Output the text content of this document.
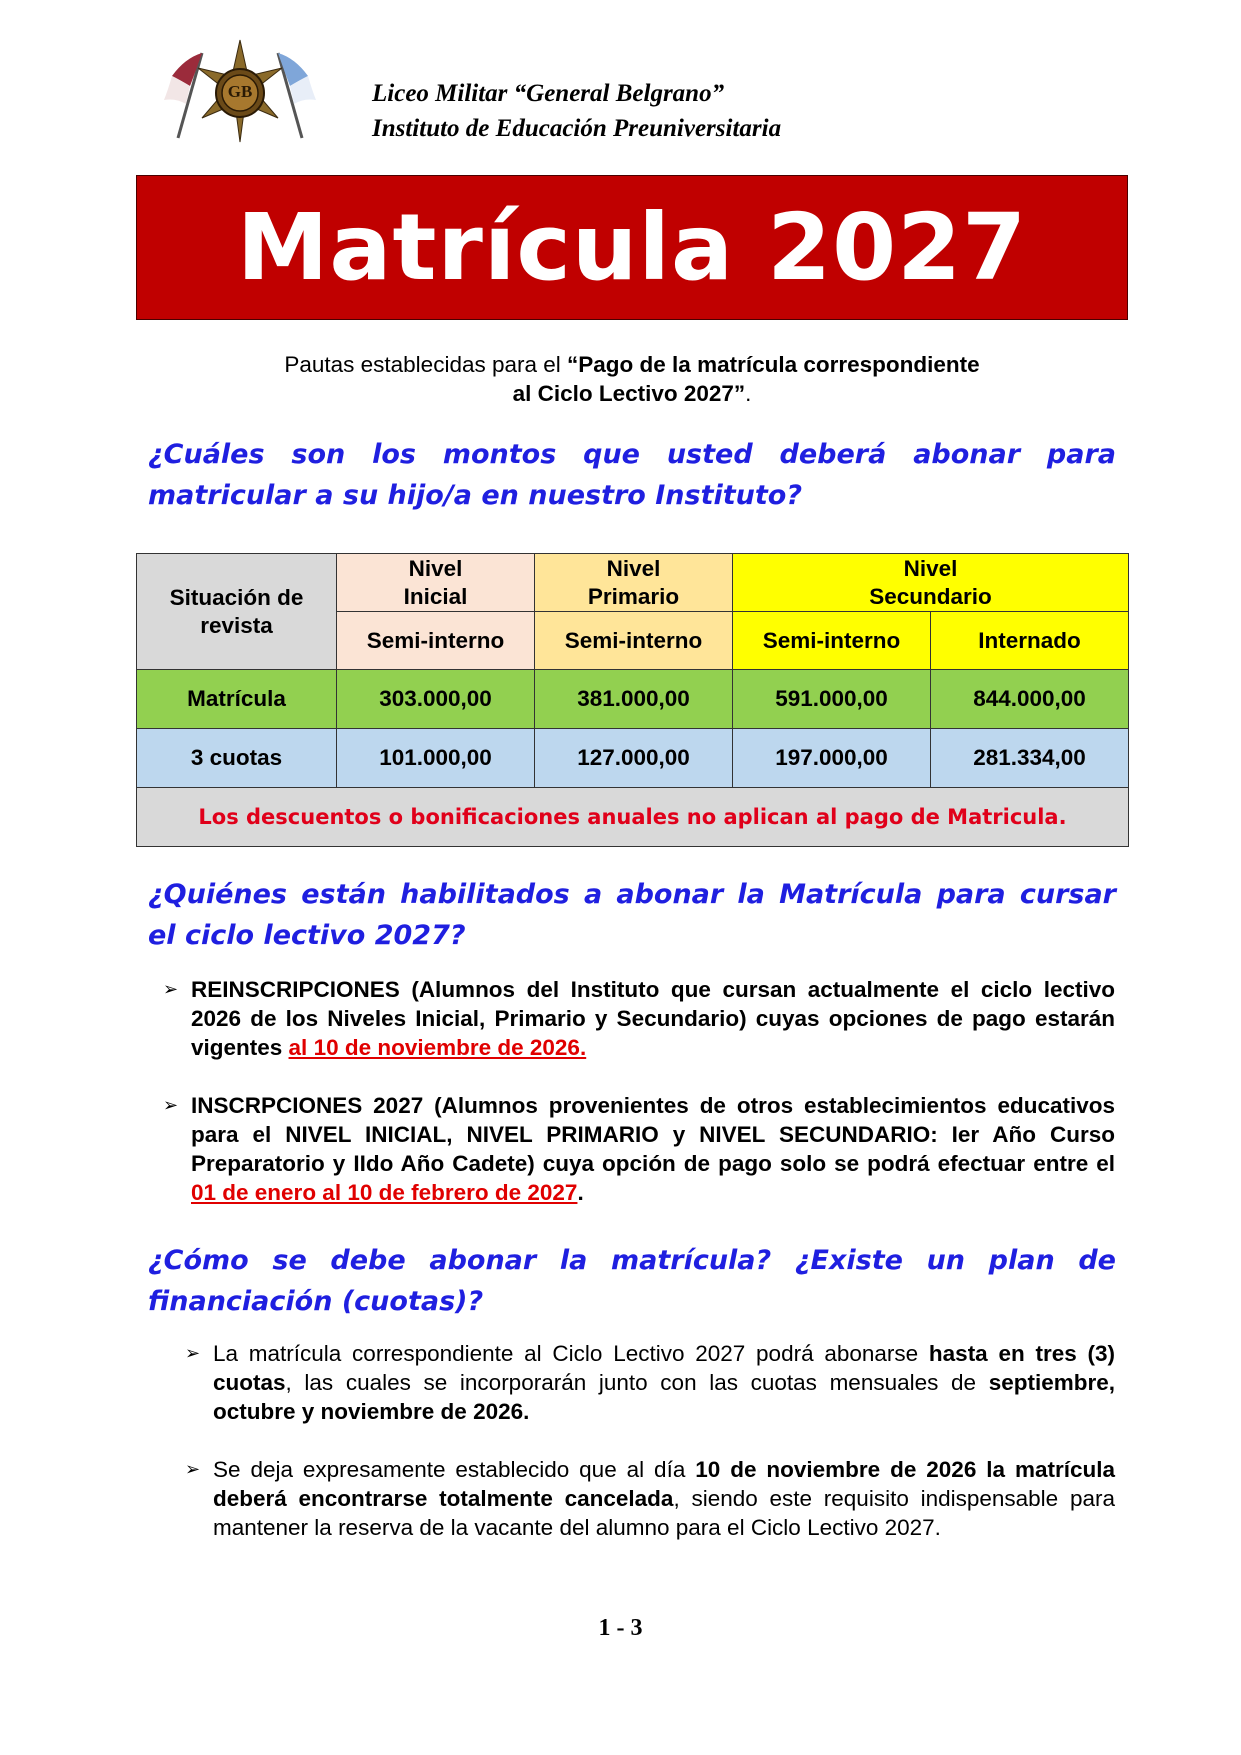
GB	Liceo Militar “General Belgrano”
Instituto de Educación Preuniversitaria
Matrícula 2027
Pautas establecidas para el “Pago de la matrícula correspondiente
al Ciclo Lectivo 2027”.
¿Cuáles son los montos que usted deberá abonar para
matricular a su hijo/a en nuestro Instituto?
Situación de revista	Nivel Inicial	Nivel Primario	Nivel Secundario	

	Semi-interno	Semi-interno	Semi-interno	Internado
Matrícula	303.000,00	381.000,00	591.000,00	844.000,00
3 cuotas	101.000,00	127.000,00	197.000,00	281.334,00
Los descuentos o bonificaciones anuales no aplican al pago de Matricula.				
¿Quiénes están habilitados a abonar la Matrícula para cursar
el ciclo lectivo 2027?
➢ REINSCRIPCIONES (Alumnos del Instituto que cursan actualmente el ciclo lectivo 2026 de los Niveles Inicial, Primario y Secundario) cuyas opciones de pago estarán vigentes al 10 de noviembre de 2026.
➢ INSCRPCIONES 2027 (Alumnos provenientes de otros establecimientos educativos para el NIVEL INICIAL, NIVEL PRIMARIO y NIVEL SECUNDARIO: Ier Año Curso Preparatorio y IIdo Año Cadete) cuya opción de pago solo se podrá efectuar entre el 01 de enero al 10 de febrero de 2027.
¿Cómo se debe abonar la matrícula? ¿Existe un plan de
financiación (cuotas)?
➢ La matrícula correspondiente al Ciclo Lectivo 2027 podrá abonarse hasta en tres (3) cuotas, las cuales se incorporarán junto con las cuotas mensuales de septiembre, octubre y noviembre de 2026.
➢ Se deja expresamente establecido que al día 10 de noviembre de 2026 la matrícula deberá encontrarse totalmente cancelada, siendo este requisito indispensable para mantener la reserva de la vacante del alumno para el Ciclo Lectivo 2027.
1 - 3
